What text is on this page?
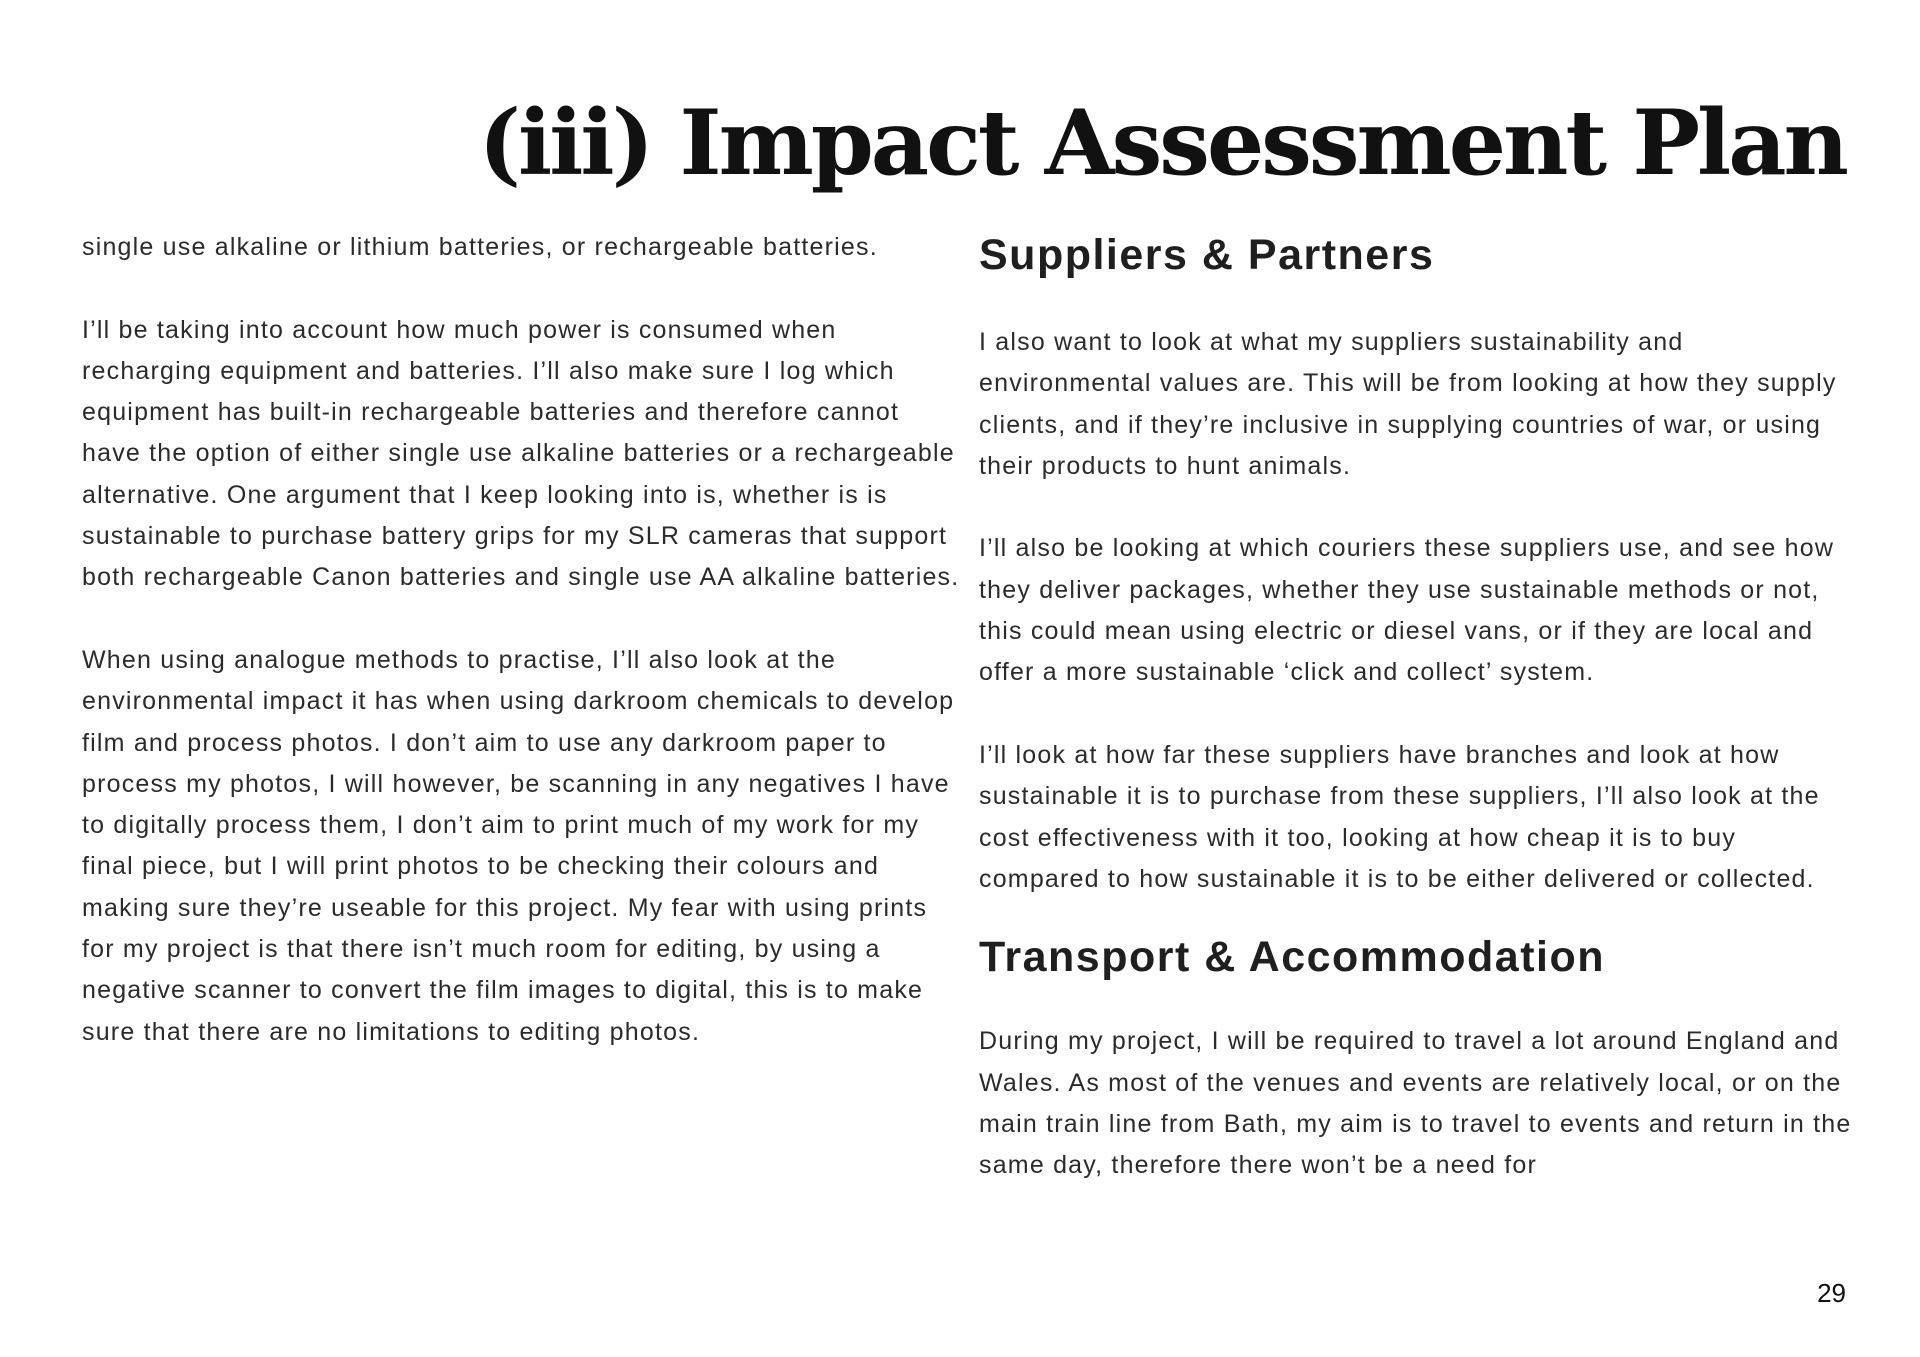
(iii) Impact Assessment Plan

single use alkaline or lithium batteries, or rechargeable batteries.

I’ll be taking into account how much power is consumed when recharging equipment and batteries. I’ll also make sure I log which equipment has built-in rechargeable batteries and therefore cannot have the option of either single use alkaline batteries or a rechargeable alternative. One argument that I keep looking into is, whether is is sustainable to purchase battery grips for my SLR cameras that support both rechargeable Canon batteries and single use AA alkaline batteries.

When using analogue methods to practise, I’ll also look at the environmental impact it has when using darkroom chemicals to develop film and process photos. I don’t aim to use any darkroom paper to process my photos, I will however, be scanning in any negatives I have to digitally process them, I don’t aim to print much of my work for my final piece, but I will print photos to be checking their colours and making sure they’re useable for this project. My fear with using prints for my project is that there isn’t much room for editing, by using a negative scanner to convert the film images to digital, this is to make sure that there are no limitations to editing photos.

Suppliers & Partners

I also want to look at what my suppliers sustainability and environmental values are. This will be from looking at how they supply clients, and if they’re inclusive in supplying countries of war, or using their products to hunt animals.

I’ll also be looking at which couriers these suppliers use, and see how they deliver packages, whether they use sustainable methods or not, this could mean using electric or diesel vans, or if they are local and offer a more sustainable ‘click and collect’ system.

I’ll look at how far these suppliers have branches and look at how sustainable it is to purchase from these suppliers, I’ll also look at the cost effectiveness with it too, looking at how cheap it is to buy compared to how sustainable it is to be either delivered or collected.

Transport & Accommodation

During my project, I will be required to travel a lot around England and Wales. As most of the venues and events are relatively local, or on the main train line from Bath, my aim is to travel to events and return in the same day, therefore there won’t be a need for

29
